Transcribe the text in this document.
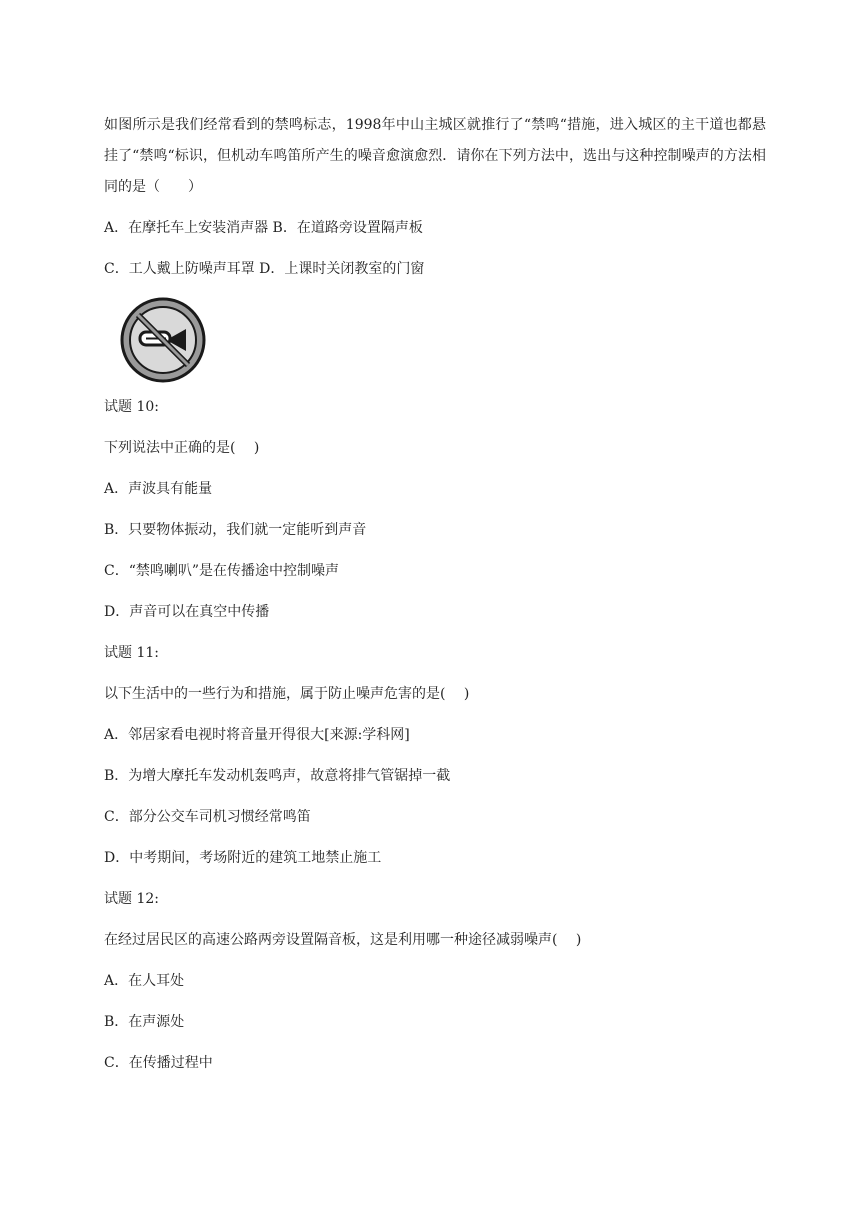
如图所示是我们经常看到的禁鸣标志，1998年中山主城区就推行了“禁鸣“措施，进入城区的主干道也都悬挂了“禁鸣“标识，但机动车鸣笛所产生的噪音愈演愈烈．请你在下列方法中，选出与这种控制噪声的方法相同的是（　　）
A．在摩托车上安装消声器 B．在道路旁设置隔声板
C．工人戴上防噪声耳罩 D．上课时关闭教室的门窗
试题 10:
下列说法中正确的是(　 )
A．声波具有能量
B．只要物体振动，我们就一定能听到声音
C．“禁鸣喇叭”是在传播途中控制噪声
D．声音可以在真空中传播
试题 11:
以下生活中的一些行为和措施，属于防止噪声危害的是(　 )
A．邻居家看电视时将音量开得很大[来源:学科网]
B．为增大摩托车发动机轰鸣声，故意将排气管锯掉一截
C．部分公交车司机习惯经常鸣笛
D．中考期间，考场附近的建筑工地禁止施工
试题 12:
在经过居民区的高速公路两旁设置隔音板，这是利用哪一种途径减弱噪声(　 )
A．在人耳处
B．在声源处
C．在传播过程中
